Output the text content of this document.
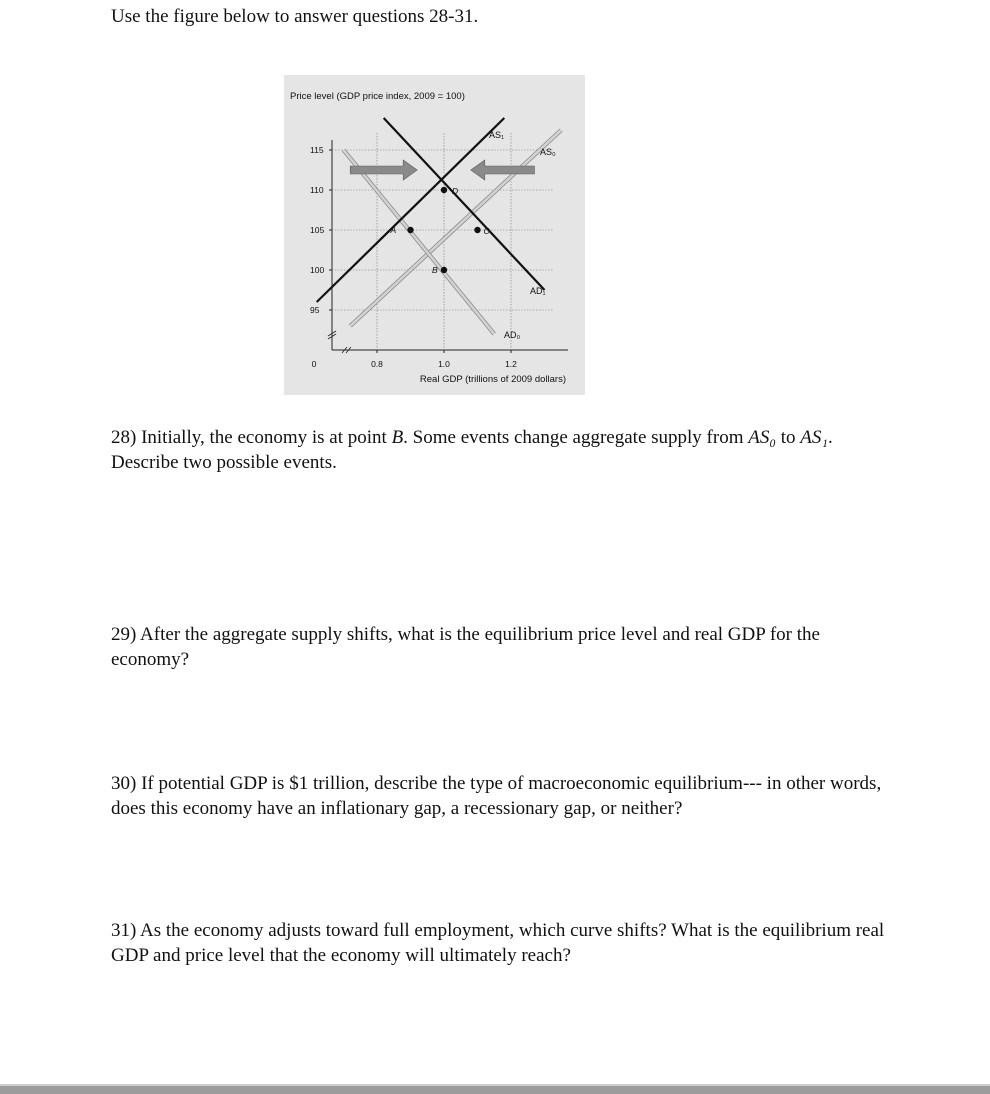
Use the figure below to answer questions 28-31.
Price level (GDP price index, 2009 = 100)
95
100
105
110
115
0	0.8	1.0	1.2
A
B
C
D
AS₀
AS₁
AD₀
AD₁
Real GDP (trillions of 2009 dollars)
28) Initially, the economy is at point B. Some events change aggregate supply from AS₀ to AS₁. Describe two possible events.
29) After the aggregate supply shifts, what is the equilibrium price level and real GDP for the economy?
30) If potential GDP is $1 trillion, describe the type of macroeconomic equilibrium--- in other words, does this economy have an inflationary gap, a recessionary gap, or neither?
31) As the economy adjusts toward full employment, which curve shifts? What is the equilibrium real GDP and price level that the economy will ultimately reach?
